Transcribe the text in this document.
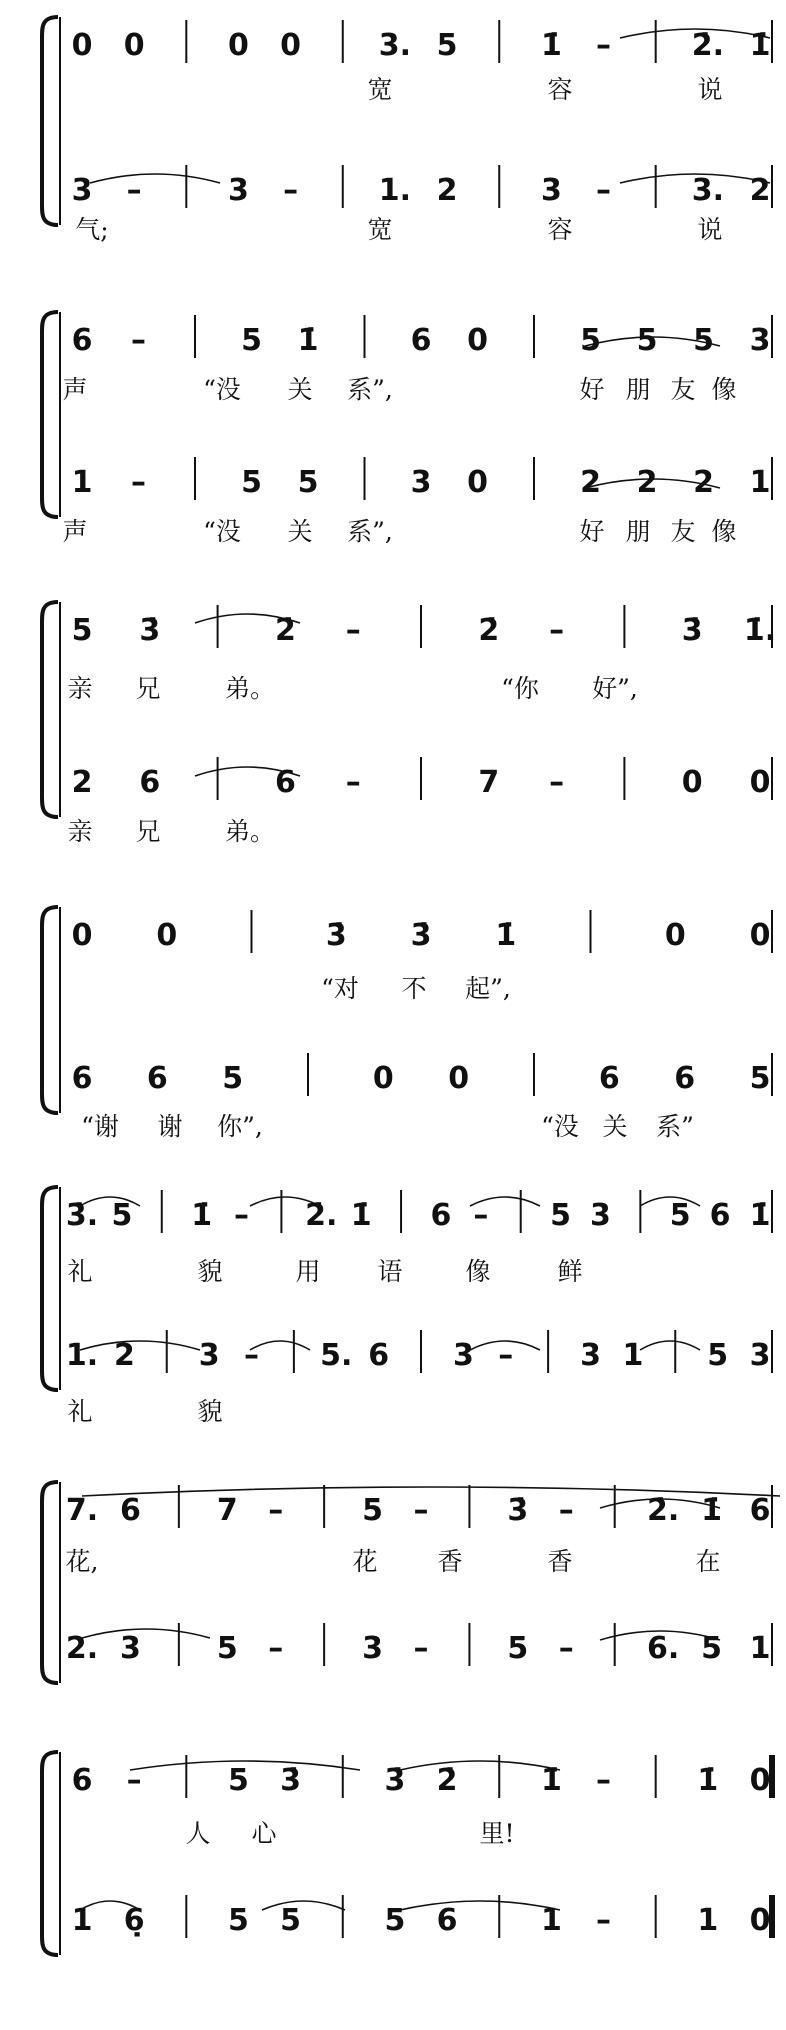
0 0	0 0	3. 5	1̇ –	2̇. 1̇
宽	容	说
3 –	3 –	1. 2	3 –	3. 2
气;	宽	容	说
6 –	5 1̇	6 0	5 5 5 3
声	“没 关 系”,	好 朋 友 像
1 –	5 5	3 0	2 2 2 1
声	“没 关 系”,	好 朋 友 像
5 3̇	2̇ –	2̇ –	3̇ 1̇.
亲 兄	弟。	“你 好”,
2 6	6 –	7 –	0 0
亲 兄	弟。
0 0	3̇ 3̇ 1̇	0 0
“对 不 起”,
6 6 5	0 0	6 6 5
“谢 谢 你”,	“没 关 系”
3̇. 5 1̇ – 2̇. 1̇ 6 – 5 3 5 6 1̇
礼	貌	用 语	像	鲜
1. 2 3 – 5. 6 3 – 3 1 5 3
礼	貌
7. 6	7 –	5 –	3̇ – 2̇. 1̇ 6
花,	花 香	香	在
2. 3	5 –	3 –	5 – 6. 5 1
6 –	5 3̇	3̇ 2̇	1̇ –	1̇ 0
人 心	里!
1 6̣	5 5	5 6	1 –	1 0
